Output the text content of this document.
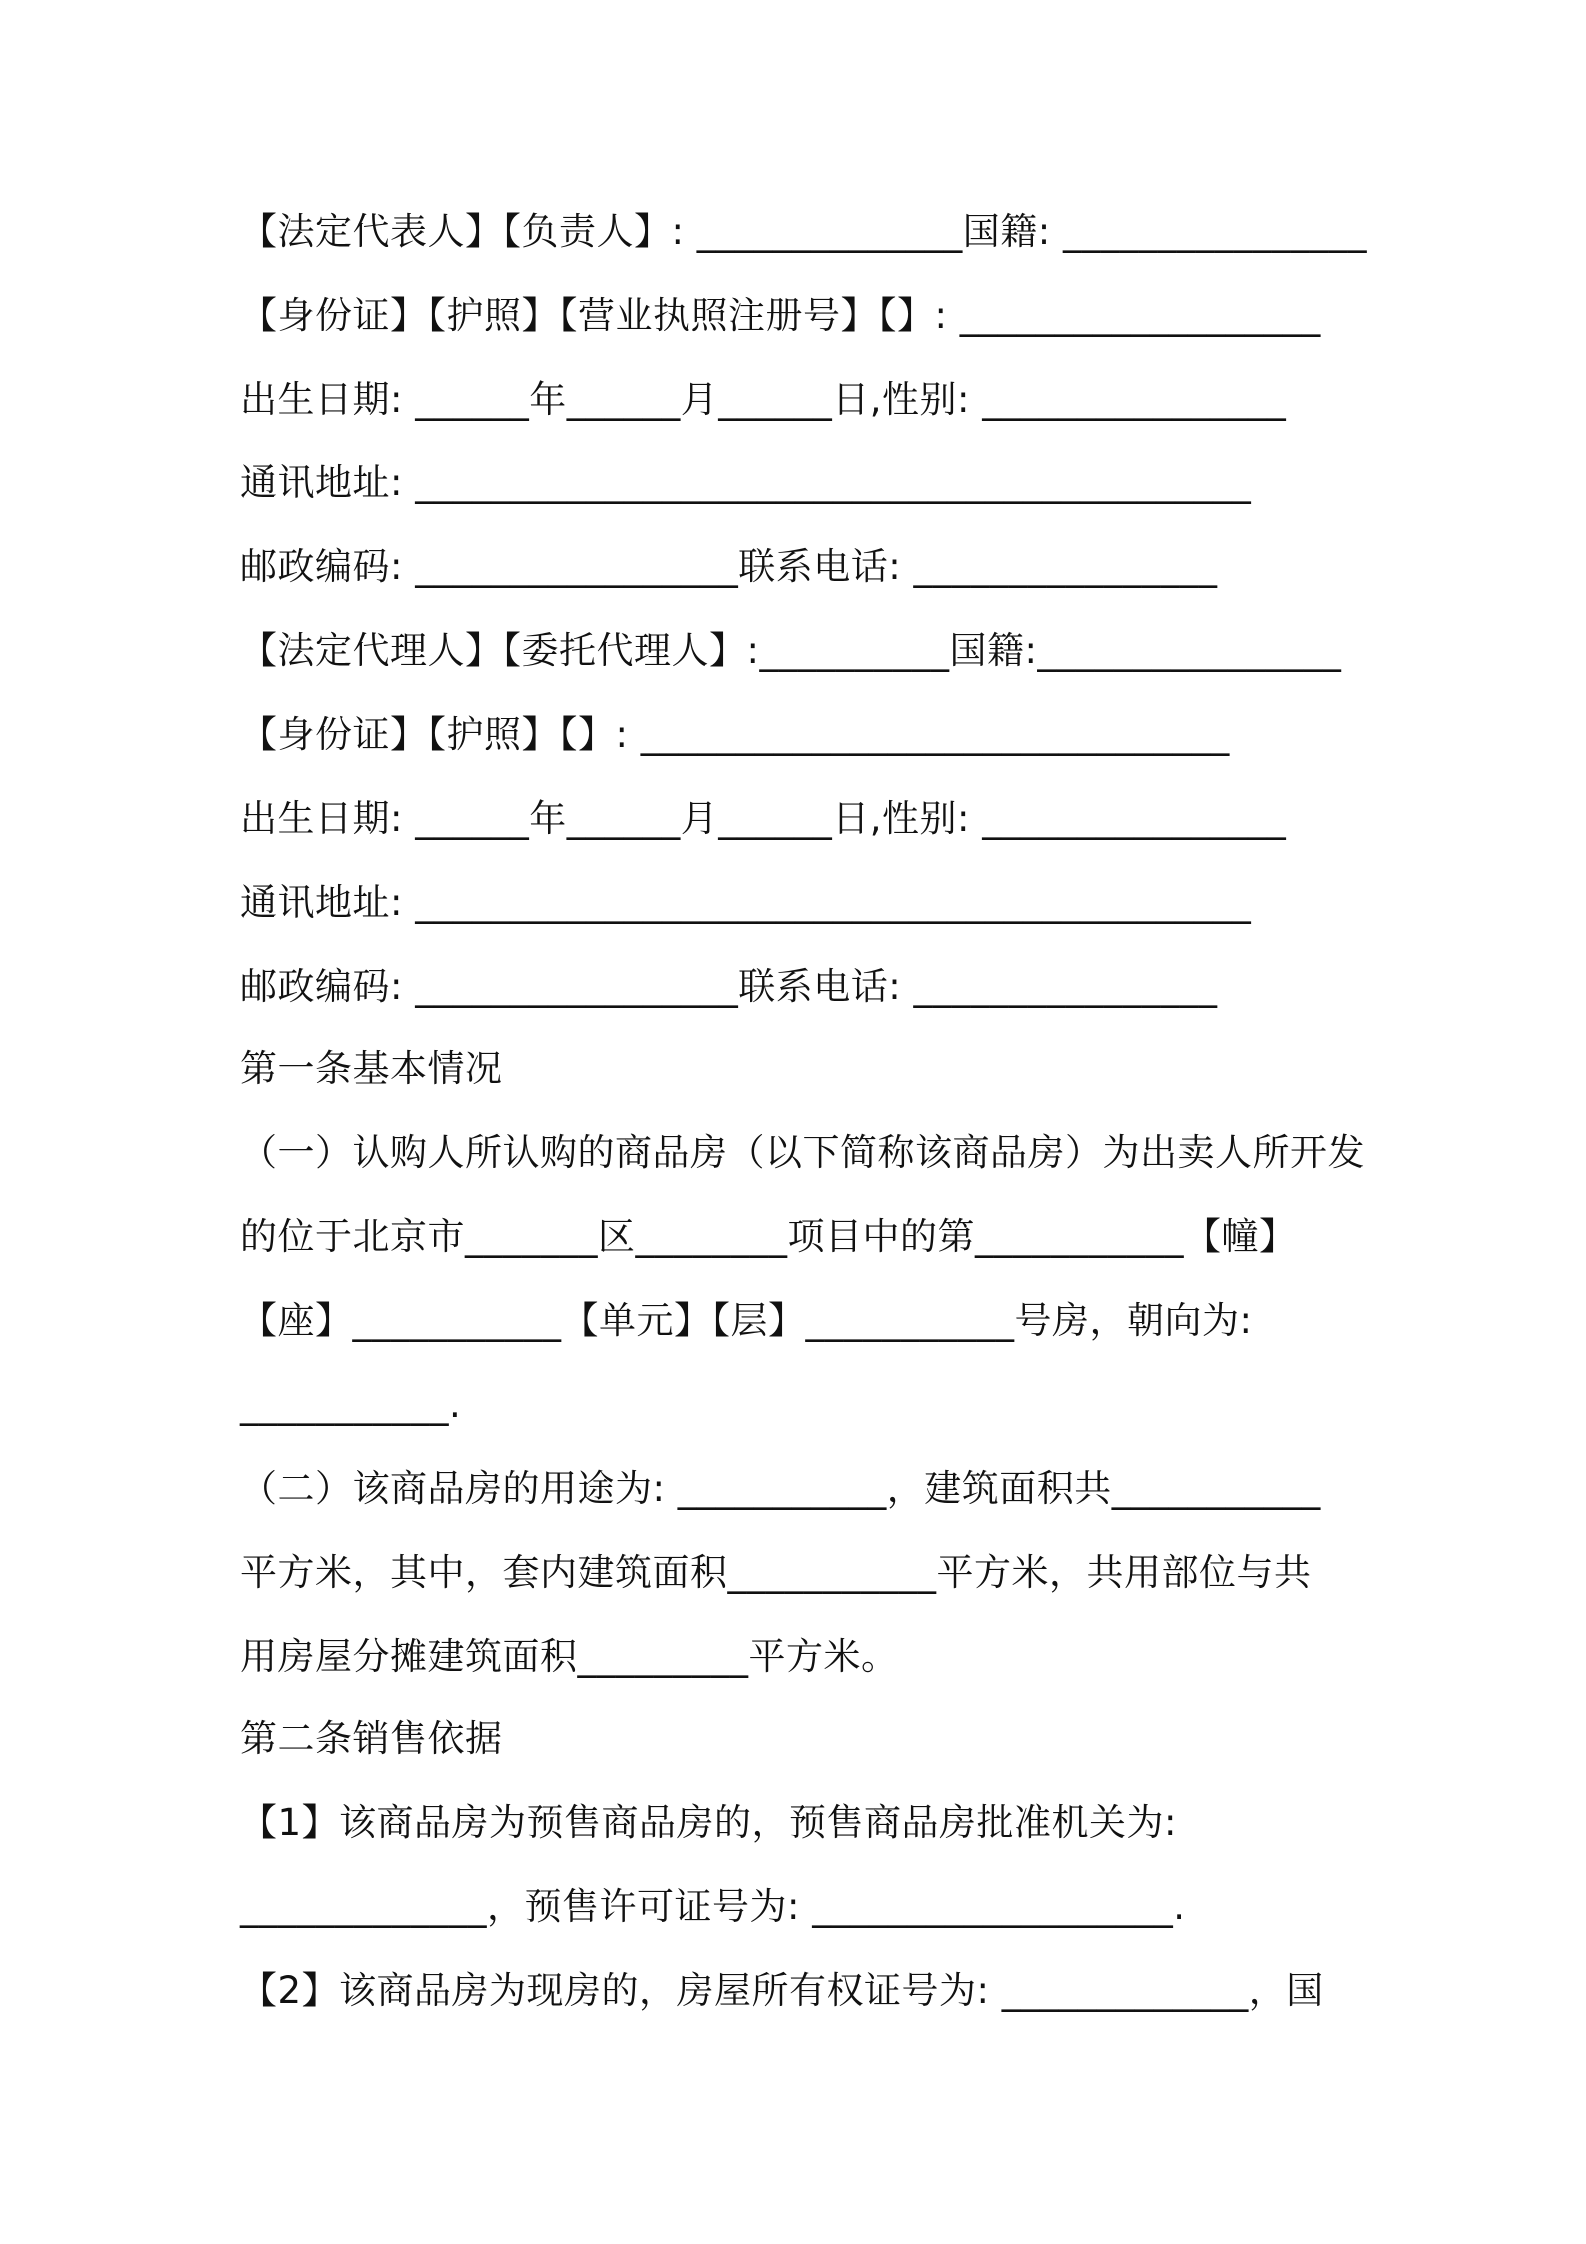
【法定代表人】【负责人】: ______________国籍: ________________
【身份证】【护照】【营业执照注册号】【】: ___________________
出生日期: ______年______月______日,性别: ________________
通讯地址: ____________________________________________
邮政编码: _________________联系电话: ________________
【法定代理人】【委托代理人】:__________国籍:________________
【身份证】【护照】【】: _______________________________
出生日期: ______年______月______日,性别: ________________
通讯地址: ____________________________________________
邮政编码: _________________联系电话: ________________
第一条基本情况
（一）认购人所认购的商品房（以下简称该商品房）为出卖人所开发
的位于北京市_______区________项目中的第___________【幢】
【座】___________【单元】【层】___________号房，朝向为:
___________.
（二）该商品房的用途为: ___________，建筑面积共___________
平方米，其中，套内建筑面积___________平方米，共用部位与共
用房屋分摊建筑面积_________平方米。
第二条销售依据
【1】该商品房为预售商品房的，预售商品房批准机关为:
_____________，预售许可证号为: ___________________.
【2】该商品房为现房的，房屋所有权证号为: _____________，国
